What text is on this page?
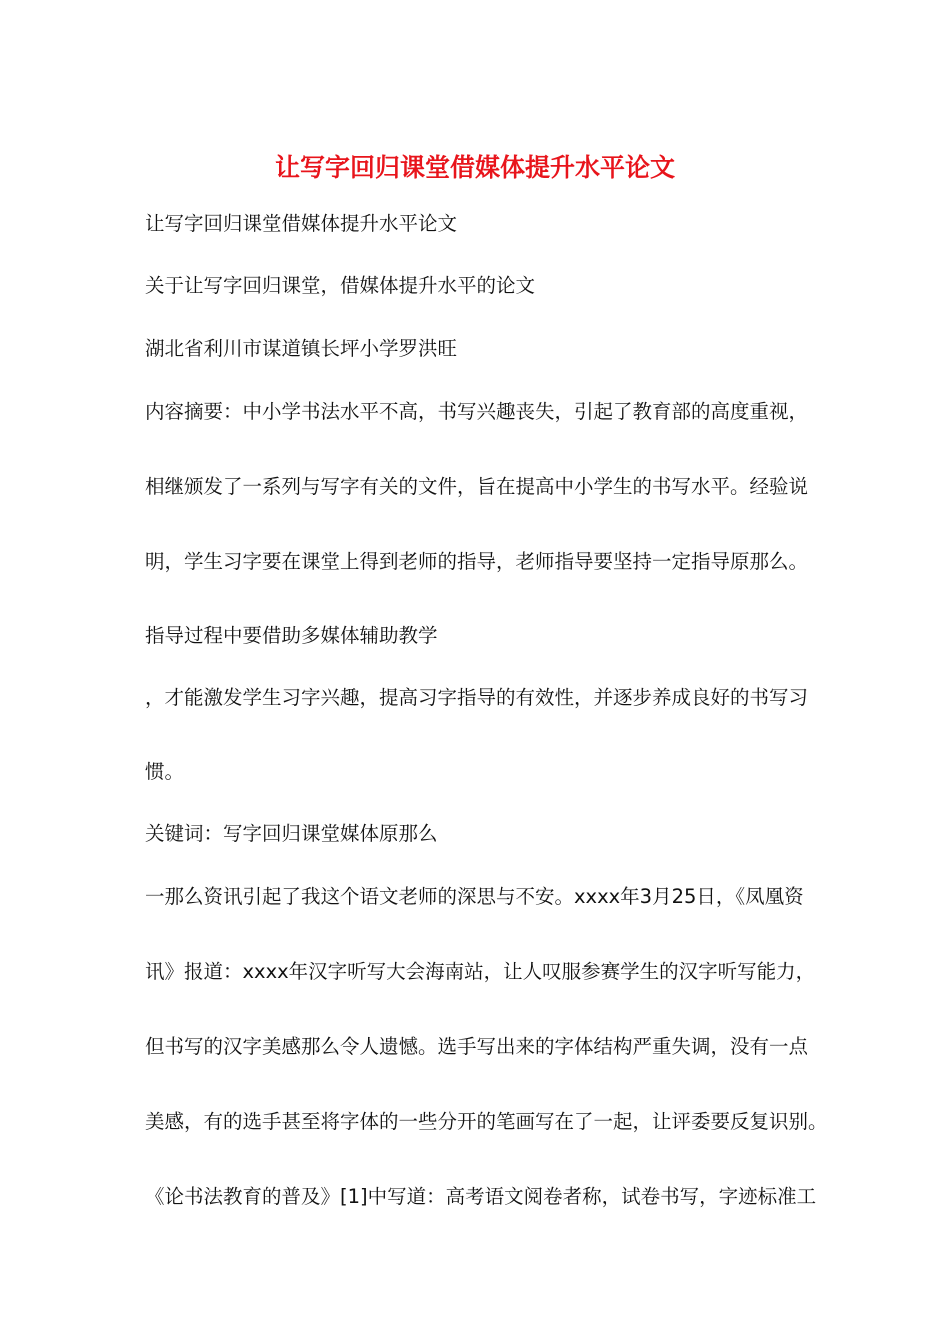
让写字回归课堂借媒体提升水平论文

让写字回归课堂借媒体提升水平论文

关于让写字回归课堂，借媒体提升水平的论文

湖北省利川市谋道镇长坪小学罗洪旺

内容摘要：中小学书法水平不高，书写兴趣丧失，引起了教育部的高度重视，

相继颁发了一系列与写字有关的文件，旨在提高中小学生的书写水平。经验说

明，学生习字要在课堂上得到老师的指导，老师指导要坚持一定指导原那么。

指导过程中要借助多媒体辅助教学

，才能激发学生习字兴趣，提高习字指导的有效性，并逐步养成良好的书写习

惯。

关键词：写字回归课堂媒体原那么

一那么资讯引起了我这个语文老师的深思与不安。xxxx年3月25日，《凤凰资

讯》报道：xxxx年汉字听写大会海南站，让人叹服参赛学生的汉字听写能力，

但书写的汉字美感那么令人遗憾。选手写出来的字体结构严重失调，没有一点

美感，有的选手甚至将字体的一些分开的笔画写在了一起，让评委要反复识别。

《论书法教育的普及》[1]中写道：高考语文阅卷者称，试卷书写，字迹标准工
